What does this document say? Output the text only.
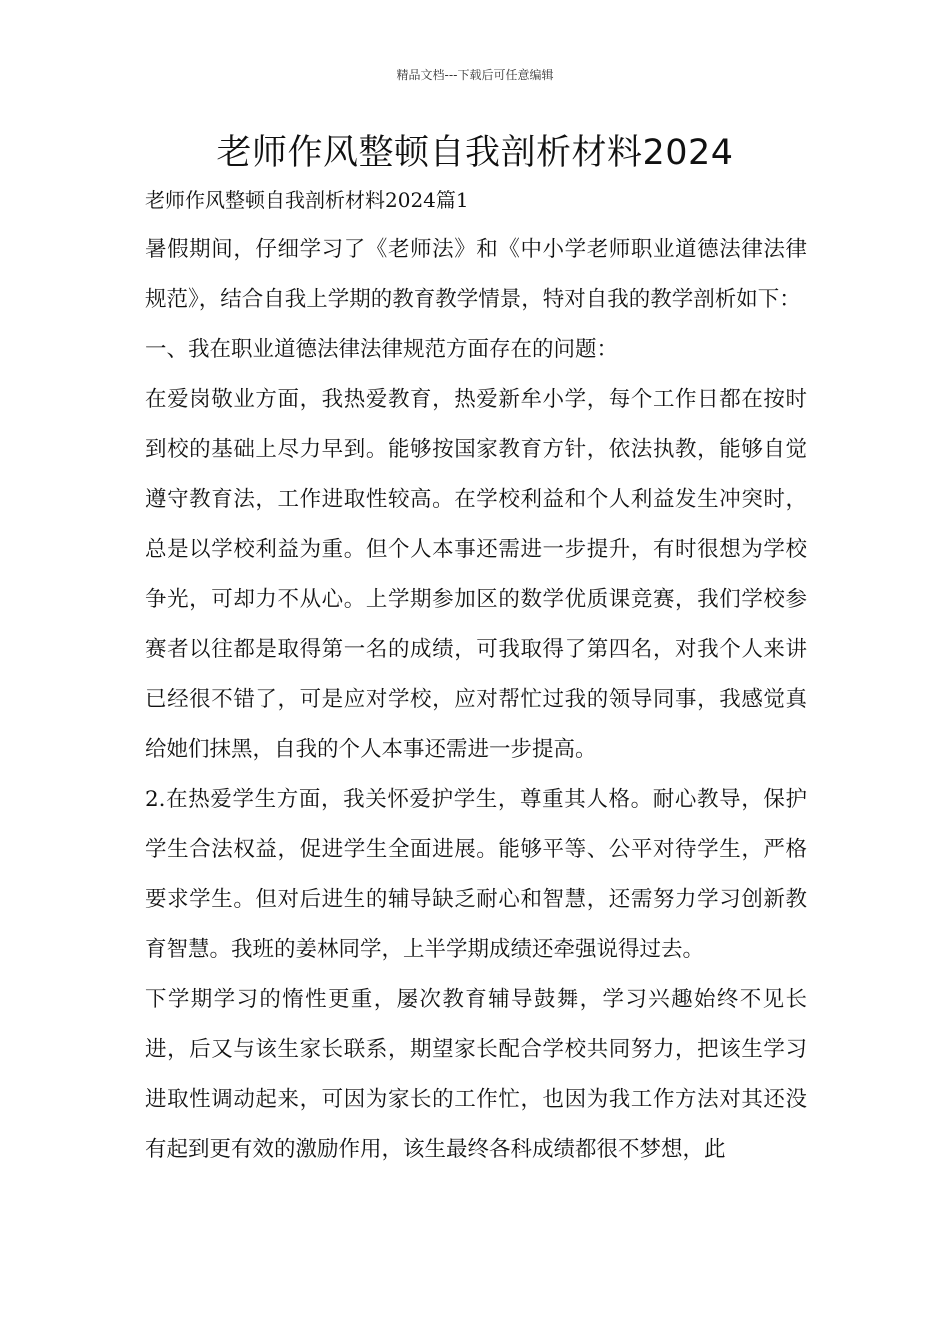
精品文档---下载后可任意编辑
老师作风整顿自我剖析材料2024
老师作风整顿自我剖析材料2024篇1

暑假期间，仔细学习了《老师法》和《中小学老师职业道德法律法律规范》，结合自我上学期的教育教学情景，特对自我的教学剖析如下：

一、我在职业道德法律法律规范方面存在的问题：

在爱岗敬业方面，我热爱教育，热爱新牟小学，每个工作日都在按时到校的基础上尽力早到。能够按国家教育方针，依法执教，能够自觉遵守教育法，工作进取性较高。在学校利益和个人利益发生冲突时，总是以学校利益为重。但个人本事还需进一步提升，有时很想为学校争光，可却力不从心。上学期参加区的数学优质课竞赛，我们学校参赛者以往都是取得第一名的成绩，可我取得了第四名，对我个人来讲已经很不错了，可是应对学校，应对帮忙过我的领导同事，我感觉真给她们抹黑，自我的个人本事还需进一步提高。

2.在热爱学生方面，我关怀爱护学生，尊重其人格。耐心教导，保护学生合法权益，促进学生全面进展。能够平等、公平对待学生，严格要求学生。但对后进生的辅导缺乏耐心和智慧，还需努力学习创新教育智慧。我班的姜林同学，上半学期成绩还牵强说得过去。

下学期学习的惰性更重，屡次教育辅导鼓舞，学习兴趣始终不见长进，后又与该生家长联系，期望家长配合学校共同努力，把该生学习进取性调动起来，可因为家长的工作忙，也因为我工作方法对其还没有起到更有效的激励作用，该生最终各科成绩都很不梦想，此
